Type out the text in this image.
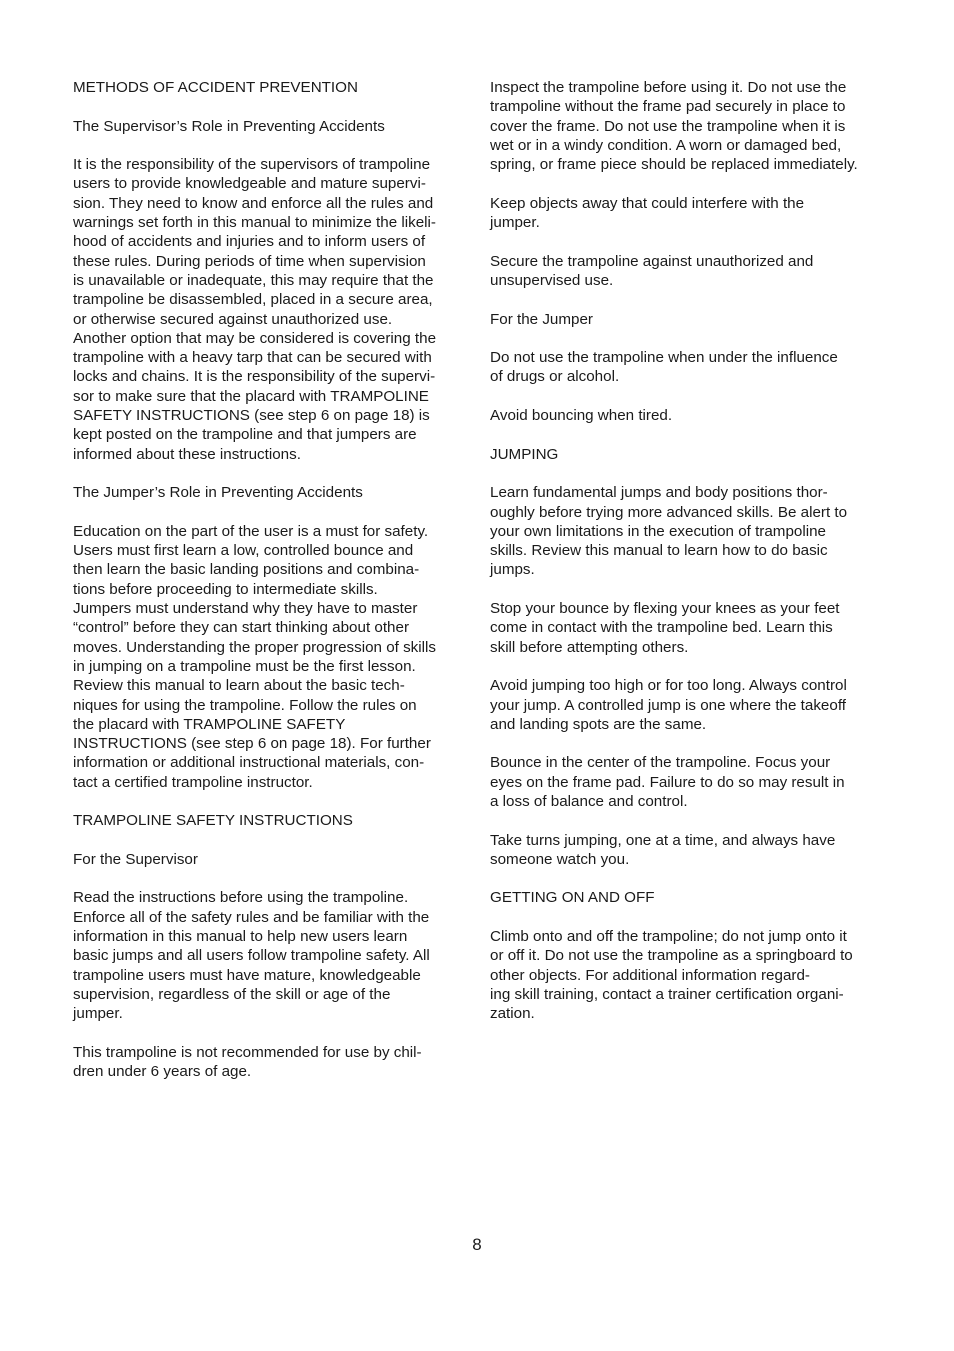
METHODS OF ACCIDENT PREVENTION

The Supervisor’s Role in Preventing Accidents

It is the responsibility of the supervisors of trampoline
users to provide knowledgeable and mature supervi-
sion. They need to know and enforce all the rules and
warnings set forth in this manual to minimize the likeli-
hood of accidents and injuries and to inform users of
these rules. During periods of time when supervision
is unavailable or inadequate, this may require that the
trampoline be disassembled, placed in a secure area,
or otherwise secured against unauthorized use.
Another option that may be considered is covering the
trampoline with a heavy tarp that can be secured with
locks and chains. It is the responsibility of the supervi-
sor to make sure that the placard with TRAMPOLINE
SAFETY INSTRUCTIONS (see step 6 on page 18) is
kept posted on the trampoline and that jumpers are
informed about these instructions.

The Jumper’s Role in Preventing Accidents

Education on the part of the user is a must for safety.
Users must first learn a low, controlled bounce and
then learn the basic landing positions and combina-
tions before proceeding to intermediate skills.
Jumpers must understand why they have to master
“control” before they can start thinking about other
moves. Understanding the proper progression of skills
in jumping on a trampoline must be the first lesson.
Review this manual to learn about the basic tech-
niques for using the trampoline. Follow the rules on
the placard with TRAMPOLINE SAFETY
INSTRUCTIONS (see step 6 on page 18). For further
information or additional instructional materials, con-
tact a certified trampoline instructor.

TRAMPOLINE SAFETY INSTRUCTIONS

For the Supervisor

Read the instructions before using the trampoline.
Enforce all of the safety rules and be familiar with the
information in this manual to help new users learn
basic jumps and all users follow trampoline safety. All
trampoline users must have mature, knowledgeable
supervision, regardless of the skill or age of the
jumper.

This trampoline is not recommended for use by chil-
dren under 6 years of age.

Inspect the trampoline before using it. Do not use the
trampoline without the frame pad securely in place to
cover the frame. Do not use the trampoline when it is
wet or in a windy condition. A worn or damaged bed,
spring, or frame piece should be replaced immediately.

Keep objects away that could interfere with the
jumper.

Secure the trampoline against unauthorized and
unsupervised use.

For the Jumper

Do not use the trampoline when under the influence
of drugs or alcohol.

Avoid bouncing when tired.

JUMPING

Learn fundamental jumps and body positions thor-
oughly before trying more advanced skills. Be alert to
your own limitations in the execution of trampoline
skills. Review this manual to learn how to do basic
jumps.

Stop your bounce by flexing your knees as your feet
come in contact with the trampoline bed. Learn this
skill before attempting others.

Avoid jumping too high or for too long. Always control
your jump. A controlled jump is one where the takeoff
and landing spots are the same.

Bounce in the center of the trampoline. Focus your
eyes on the frame pad. Failure to do so may result in
a loss of balance and control.

Take turns jumping, one at a time, and always have
someone watch you.

GETTING ON AND OFF

Climb onto and off the trampoline; do not jump onto it
or off it. Do not use the trampoline as a springboard to
other objects. For additional information regard-
ing skill training, contact a trainer certification organi-
zation.

8
